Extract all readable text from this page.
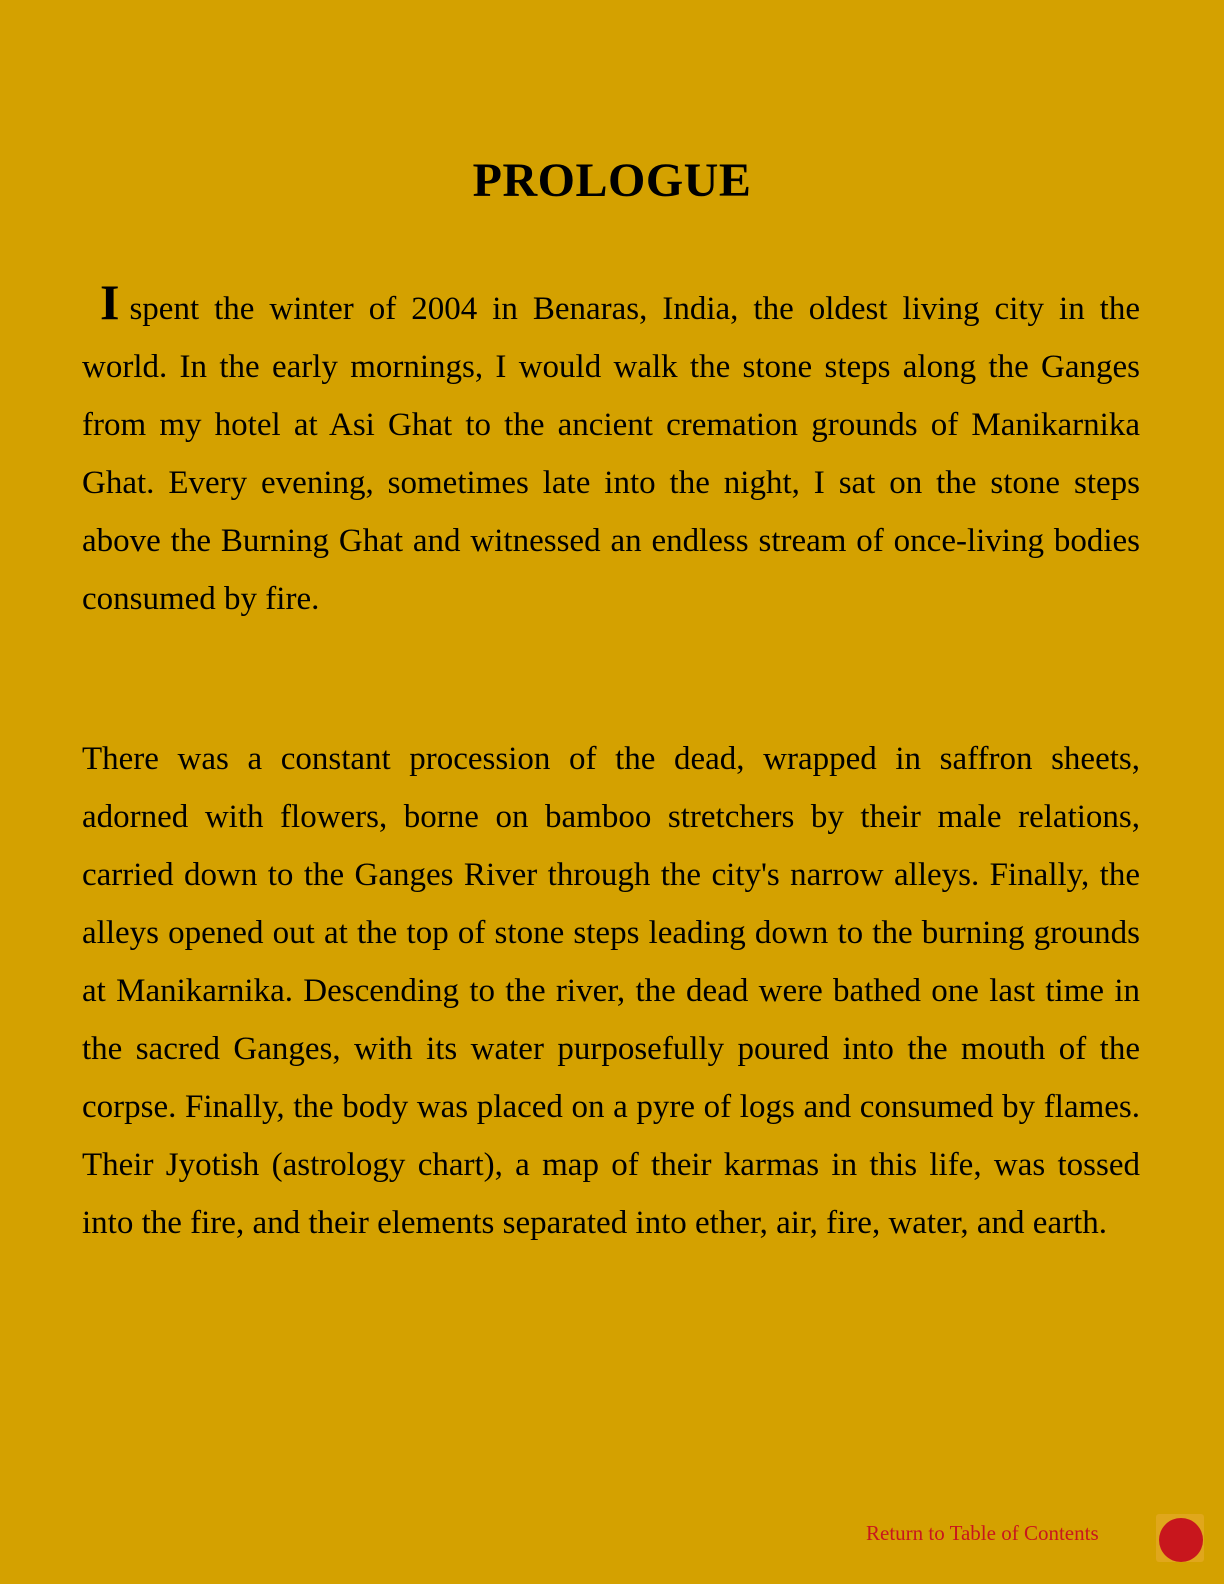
PROLOGUE

Ispent the winter of 2004 in Benaras, India, the oldest living city in the world. In the early mornings, I would walk the stone steps along the Ganges from my hotel at Asi Ghat to the ancient cremation grounds of Manikarnika Ghat. Every evening, sometimes late into the night, I sat on the stone steps above the Burning Ghat and witnessed an endless stream of once-living bodies consumed by fire.

There was a constant procession of the dead, wrapped in saffron sheets, adorned with flowers, borne on bamboo stretchers by their male relations, carried down to the Ganges River through the city's narrow alleys. Finally, the alleys opened out at the top of stone steps leading down to the burning grounds at Manikarnika. Descending to the river, the dead were bathed one last time in the sacred Ganges, with its water purposefully poured into the mouth of the corpse. Finally, the body was placed on a pyre of logs and consumed by flames. Their Jyotish (astrology chart), a map of their karmas in this life, was tossed into the fire, and their elements separated into ether, air, fire, water, and earth.

Return to Table of Contents
